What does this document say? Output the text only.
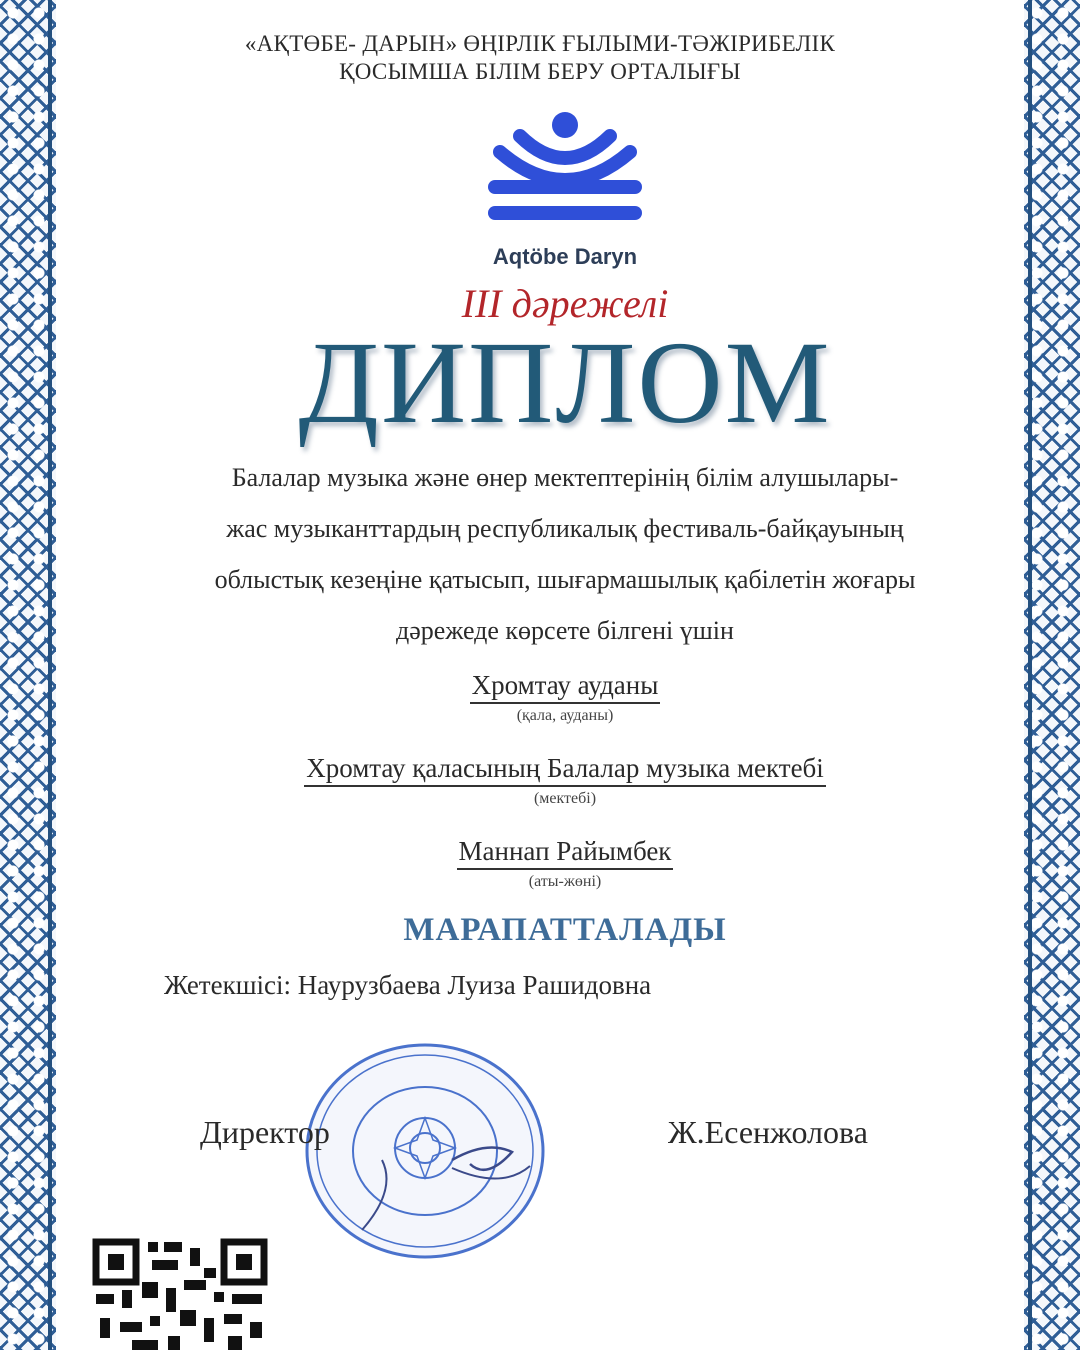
«АҚТӨБЕ- ДАРЫН» ӨҢІРЛІК ҒЫЛЫМИ-ТӘЖІРИБЕЛІК
ҚОСЫМША БІЛІМ БЕРУ ОРТАЛЫҒЫ
Aqtöbe Daryn
III дәрежелі
ДИПЛОМ
Балалар музыка және өнер мектептерінің білім алушылары-
жас музыканттардың республикалық фестиваль-байқауының
облыстық кезеңіне қатысып, шығармашылық қабілетін жоғары
дәрежеде көрсете білгені үшін
Хромтау ауданы
(қала, ауданы)
Хромтау қаласының Балалар музыка мектебі
(мектебі)
Маннап Райымбек
(аты-жөні)
МАРАПАТТАЛАДЫ
Жетекшісі: Наурузбаева Луиза Рашидовна
Директор	Ж.Есенжолова
